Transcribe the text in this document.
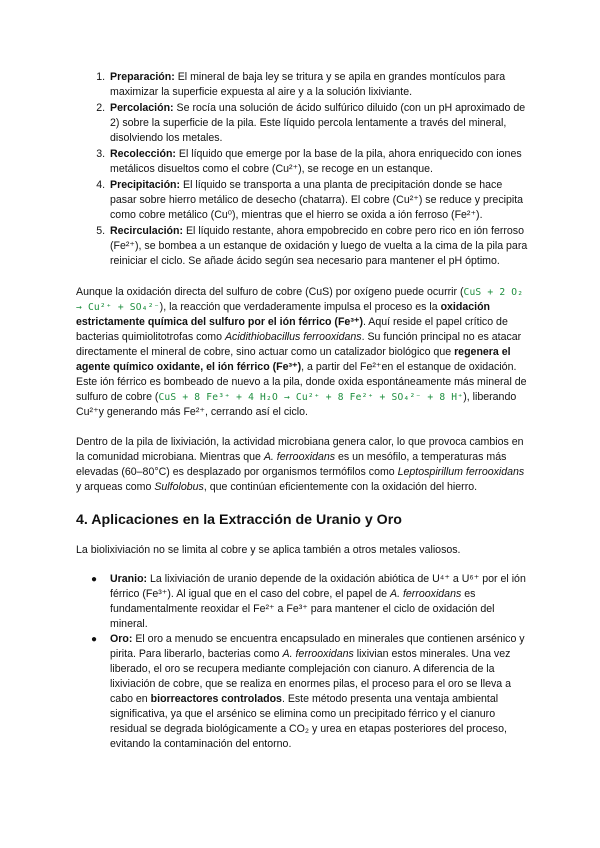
1. Preparación: El mineral de baja ley se tritura y se apila en grandes montículos para maximizar la superficie expuesta al aire y a la solución lixiviante.
2. Percolación: Se rocía una solución de ácido sulfúrico diluido (con un pH aproximado de 2) sobre la superficie de la pila. Este líquido percola lentamente a través del mineral, disolviendo los metales.
3. Recolección: El líquido que emerge por la base de la pila, ahora enriquecido con iones metálicos disueltos como el cobre (Cu²⁺), se recoge en un estanque.
4. Precipitación: El líquido se transporta a una planta de precipitación donde se hace pasar sobre hierro metálico de desecho (chatarra). El cobre (Cu²⁺) se reduce y precipita como cobre metálico (Cu⁰), mientras que el hierro se oxida a ión ferroso (Fe²⁺).
5. Recirculación: El líquido restante, ahora empobrecido en cobre pero rico en ión ferroso (Fe²⁺), se bombea a un estanque de oxidación y luego de vuelta a la cima de la pila para reiniciar el ciclo. Se añade ácido según sea necesario para mantener el pH óptimo.

Aunque la oxidación directa del sulfuro de cobre (CuS) por oxígeno puede ocurrir (CuS + 2 O₂ → Cu²⁺ + SO₄²⁻), la reacción que verdaderamente impulsa el proceso es la oxidación estrictamente química del sulfuro por el ión férrico (Fe³⁺). Aquí reside el papel crítico de bacterias quimiolitotrofas como Acidithiobacillus ferrooxidans. Su función principal no es atacar directamente el mineral de cobre, sino actuar como un catalizador biológico que regenera el agente químico oxidante, el ión férrico (Fe³⁺), a partir del Fe²⁺en el estanque de oxidación. Este ión férrico es bombeado de nuevo a la pila, donde oxida espontáneamente más mineral de sulfuro de cobre (CuS + 8 Fe³⁺ + 4 H₂O → Cu²⁺ + 8 Fe²⁺ + SO₄²⁻ + 8 H⁺), liberando Cu²⁺y generando más Fe²⁺, cerrando así el ciclo.

Dentro de la pila de lixiviación, la actividad microbiana genera calor, lo que provoca cambios en la comunidad microbiana. Mientras que A. ferrooxidans es un mesófilo, a temperaturas más elevadas (60–80°C) es desplazado por organismos termófilos como Leptospirillum ferrooxidans y arqueas como Sulfolobus, que continúan eficientemente con la oxidación del hierro.

4. Aplicaciones en la Extracción de Uranio y Oro

La biolixiviación no se limita al cobre y se aplica también a otros metales valiosos.

● Uranio: La lixiviación de uranio depende de la oxidación abiótica de U⁴⁺ a U⁶⁺ por el ión férrico (Fe³⁺). Al igual que en el caso del cobre, el papel de A. ferrooxidans es fundamentalmente reoxidar el Fe²⁺ a Fe³⁺ para mantener el ciclo de oxidación del mineral.
● Oro: El oro a menudo se encuentra encapsulado en minerales que contienen arsénico y pirita. Para liberarlo, bacterias como A. ferrooxidans lixivian estos minerales. Una vez liberado, el oro se recupera mediante complejación con cianuro. A diferencia de la lixiviación de cobre, que se realiza en enormes pilas, el proceso para el oro se lleva a cabo en biorreactores controlados. Este método presenta una ventaja ambiental significativa, ya que el arsénico se elimina como un precipitado férrico y el cianuro residual se degrada biológicamente a CO₂ y urea en etapas posteriores del proceso, evitando la contaminación del entorno.
